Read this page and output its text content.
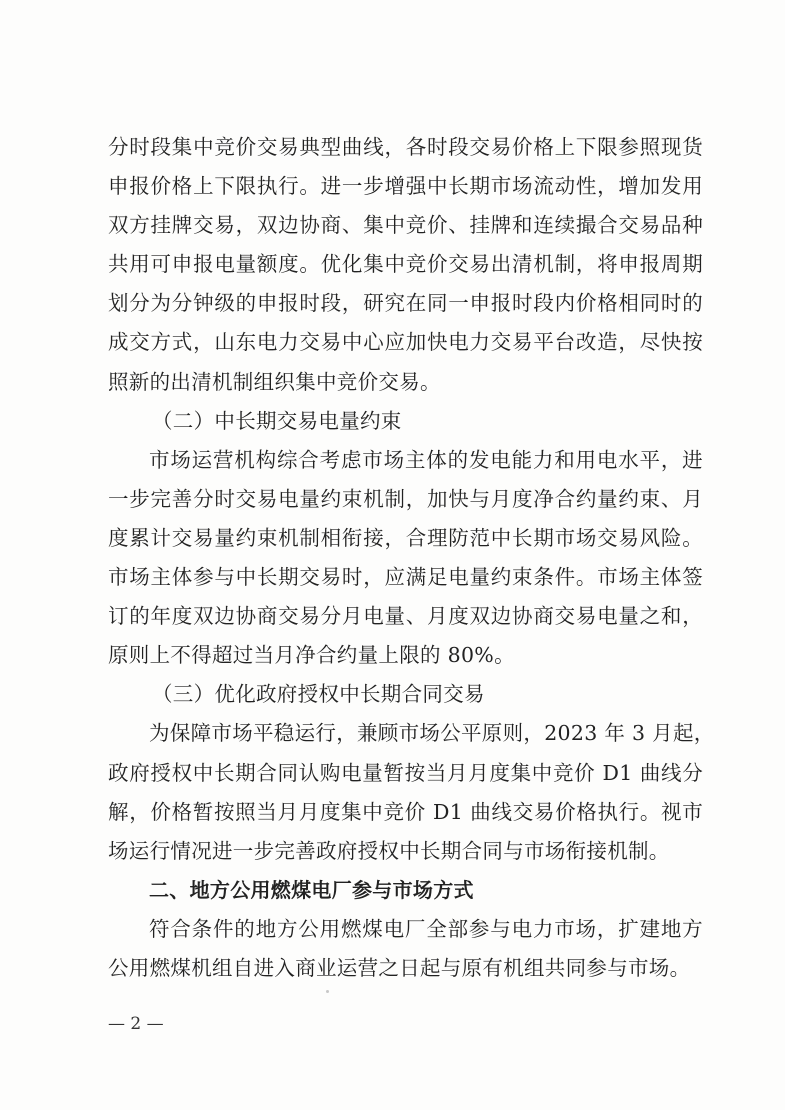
分时段集中竞价交易典型曲线，各时段交易价格上下限参照现货
申报价格上下限执行。进一步增强中长期市场流动性，增加发用
双方挂牌交易，双边协商、集中竞价、挂牌和连续撮合交易品种
共用可申报电量额度。优化集中竞价交易出清机制，将申报周期
划分为分钟级的申报时段，研究在同一申报时段内价格相同时的
成交方式，山东电力交易中心应加快电力交易平台改造，尽快按
照新的出清机制组织集中竞价交易。
（二）中长期交易电量约束
市场运营机构综合考虑市场主体的发电能力和用电水平，进
一步完善分时交易电量约束机制，加快与月度净合约量约束、月
度累计交易量约束机制相衔接，合理防范中长期市场交易风险。
市场主体参与中长期交易时，应满足电量约束条件。市场主体签
订的年度双边协商交易分月电量、月度双边协商交易电量之和，
原则上不得超过当月净合约量上限的 80%。
（三）优化政府授权中长期合同交易
为保障市场平稳运行，兼顾市场公平原则，2023 年 3 月起，
政府授权中长期合同认购电量暂按当月月度集中竞价 D1 曲线分
解，价格暂按照当月月度集中竞价 D1 曲线交易价格执行。视市
场运行情况进一步完善政府授权中长期合同与市场衔接机制。
二、地方公用燃煤电厂参与市场方式
符合条件的地方公用燃煤电厂全部参与电力市场，扩建地方
公用燃煤机组自进入商业运营之日起与原有机组共同参与市场。
— 2 —
